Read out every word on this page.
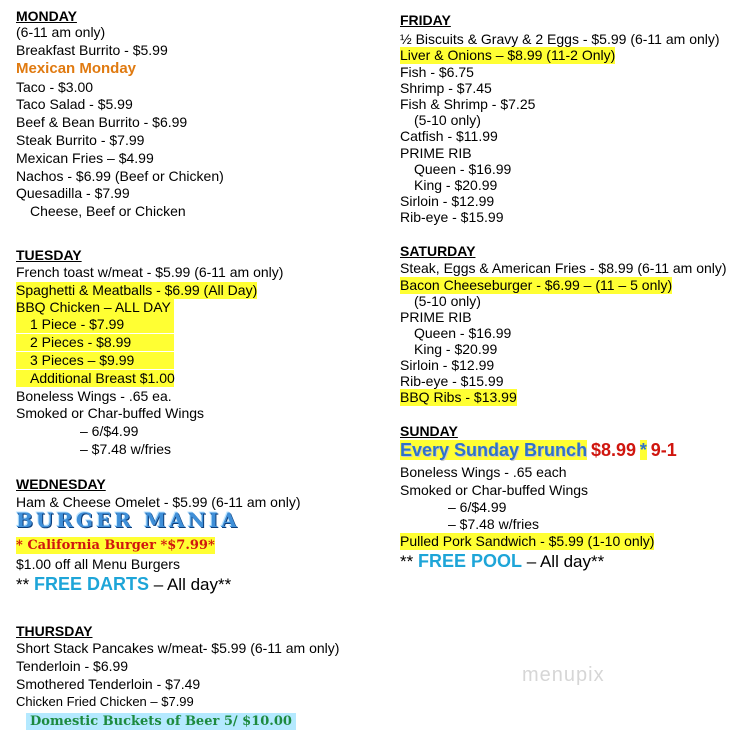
MONDAY
(6-11 am only)
Breakfast Burrito - $5.99
Mexican Monday
Taco - $3.00
Taco Salad - $5.99
Beef & Bean Burrito - $6.99
Steak Burrito - $7.99
Mexican Fries – $4.99
Nachos - $6.99 (Beef or Chicken)
Quesadilla - $7.99
Cheese, Beef or Chicken
TUESDAY
French toast w/meat - $5.99 (6-11 am only)
Spaghetti & Meatballs - $6.99 (All Day)
BBQ Chicken – ALL DAY
1 Piece - $7.99
2 Pieces - $8.99
3 Pieces – $9.99
Additional Breast $1.00
Boneless Wings - .65 ea.
Smoked or Char-buffed Wings
– 6/$4.99
– $7.48 w/fries
WEDNESDAY
Ham & Cheese Omelet - $5.99 (6-11 am only)
BURGER MANIA
* California Burger *$7.99*
$1.00 off all Menu Burgers
** FREE DARTS – All day**
THURSDAY
Short Stack Pancakes w/meat- $5.99 (6-11 am only)
Tenderloin - $6.99
Smothered Tenderloin - $7.49
Chicken Fried Chicken – $7.99
Domestic Buckets of Beer 5/ $10.00
FRIDAY
½ Biscuits & Gravy & 2 Eggs - $5.99 (6-11 am only)
Liver & Onions – $8.99 (11-2 Only)
Fish - $6.75
Shrimp - $7.45
Fish & Shrimp - $7.25
(5-10 only)
Catfish - $11.99
PRIME RIB
Queen - $16.99
King - $20.99
Sirloin - $12.99
Rib-eye - $15.99
SATURDAY
Steak, Eggs & American Fries - $8.99 (6-11 am only)
Bacon Cheeseburger - $6.99 – (11 – 5 only)
(5-10 only)
PRIME RIB
Queen - $16.99
King - $20.99
Sirloin - $12.99
Rib-eye - $15.99
BBQ Ribs - $13.99
SUNDAY
Every Sunday Brunch $8.99 * 9-1
Boneless Wings - .65 each
Smoked or Char-buffed Wings
– 6/$4.99
– $7.48 w/fries
Pulled Pork Sandwich - $5.99 (1-10 only)
** FREE POOL – All day**
menupix
